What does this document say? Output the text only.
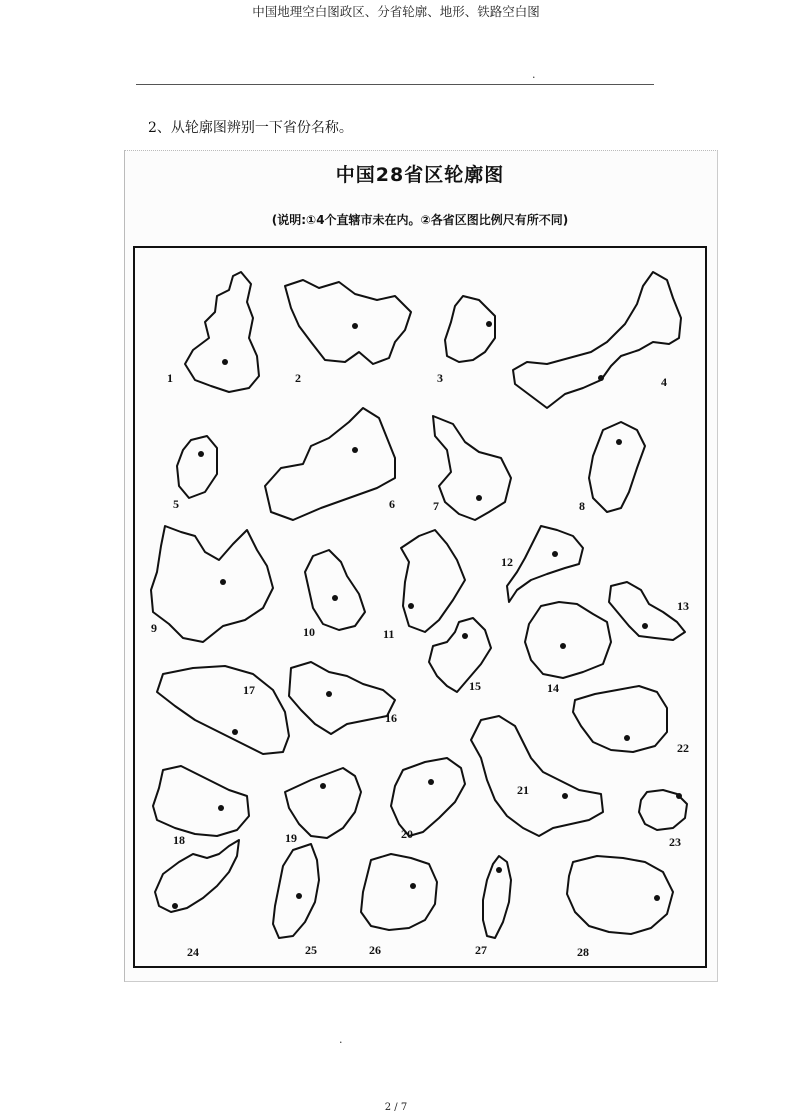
中国地理空白图政区、分省轮廓、地形、铁路空白图
.
2、从轮廓图辨别一下省份名称。
中国28省区轮廓图
(说明:①4个直辖市未在内。②各省区图比例尺有所不同)
1	2	3	4
5	6	7	8
9	10	11
12
13
14
15
16
17
18	19	20
21
22
23
24	25	26	27	28
.
2 / 7
